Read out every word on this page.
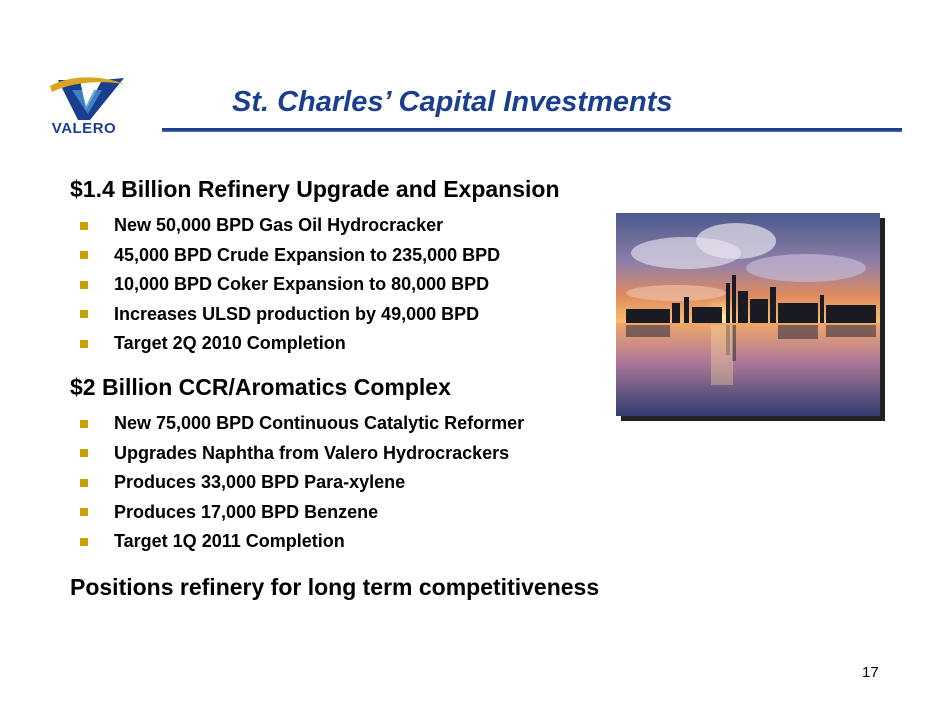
VALERO
St. Charles’ Capital Investments
$1.4 Billion Refinery Upgrade and Expansion
New 50,000 BPD Gas Oil Hydrocracker
45,000 BPD Crude Expansion to 235,000 BPD
10,000 BPD Coker Expansion to 80,000 BPD
Increases ULSD production by 49,000 BPD
Target 2Q 2010 Completion
$2 Billion CCR/Aromatics Complex
New 75,000 BPD Continuous Catalytic Reformer
Upgrades Naphtha from Valero Hydrocrackers
Produces 33,000 BPD Para-xylene
Produces 17,000 BPD Benzene
Target 1Q 2011 Completion
Positions refinery for long term competitiveness
17
